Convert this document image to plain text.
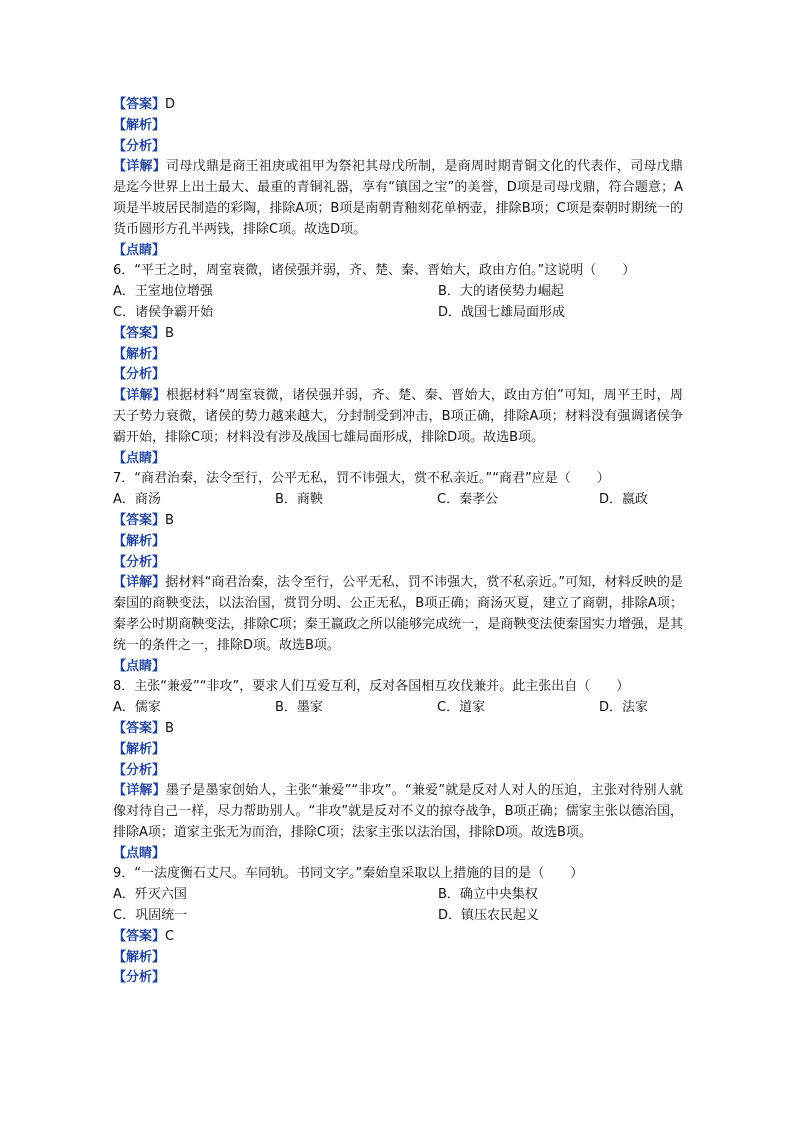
【答案】D
【解析】
【分析】
【详解】司母戊鼎是商王祖庚或祖甲为祭祀其母戊所制，是商周时期青铜文化的代表作，司母戊鼎是迄今世界上出土最大、最重的青铜礼器，享有“镇国之宝”的美誉，D项是司母戊鼎，符合题意；A项是半坡居民制造的彩陶，排除A项；B项是南朝青釉刻花单柄壶，排除B项；C项是秦朝时期统一的货币圆形方孔半两钱，排除C项。故选D项。
【点睛】
6．“平王之时，周室衰微，诸侯强并弱，齐、楚、秦、晋始大，政由方伯。”这说明（　　）
A．王室地位增强	B．大的诸侯势力崛起
C．诸侯争霸开始	D．战国七雄局面形成
【答案】B
【解析】
【分析】
【详解】根据材料“周室衰微，诸侯强并弱，齐、楚、秦、晋始大，政由方伯”可知，周平王时，周天子势力衰微，诸侯的势力越来越大，分封制受到冲击，B项正确，排除A项；材料没有强调诸侯争霸开始，排除C项；材料没有涉及战国七雄局面形成，排除D项。故选B项。
【点睛】
7．“商君治秦，法令至行，公平无私，罚不讳强大，赏不私亲近。”“商君”应是（　　）
A．商汤	B．商鞅	C．秦孝公	D．嬴政
【答案】B
【解析】
【分析】
【详解】据材料“商君治秦，法令至行，公平无私，罚不讳强大，赏不私亲近。”可知，材料反映的是秦国的商鞅变法，以法治国，赏罚分明、公正无私，B项正确；商汤灭夏，建立了商朝，排除A项；秦孝公时期商鞅变法，排除C项；秦王嬴政之所以能够完成统一，是商鞅变法使秦国实力增强，是其统一的条件之一，排除D项。故选B项。
【点睛】
8．主张“兼爱”“非攻”，要求人们互爱互利，反对各国相互攻伐兼并。此主张出自（　　）
A．儒家	B．墨家	C．道家	D．法家
【答案】B
【解析】
【分析】
【详解】墨子是墨家创始人，主张“兼爱”“非攻”。“兼爱”就是反对人对人的压迫，主张对待别人就像对待自己一样，尽力帮助别人。“非攻”就是反对不义的掠夺战争，B项正确；儒家主张以德治国，排除A项；道家主张无为而治，排除C项；法家主张以法治国，排除D项。故选B项。
【点睛】
9．“一法度衡石丈尺。车同轨。书同文字。”秦始皇采取以上措施的目的是（　　）
A．歼灭六国	B．确立中央集权
C．巩固统一	D．镇压农民起义
【答案】C
【解析】
【分析】
